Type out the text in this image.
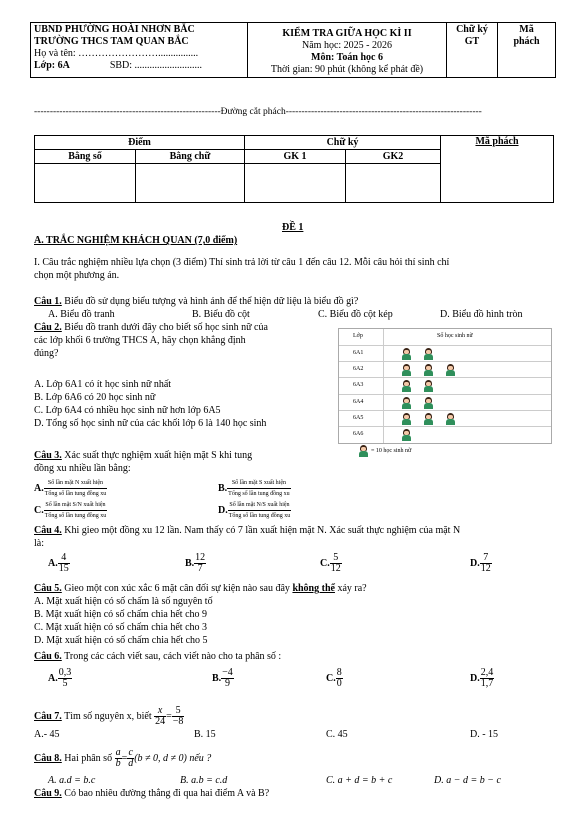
UBND PHƯỜNG HOÀI NHƠN BẮC
TRƯỜNG THCS TAM QUAN BẮC
Họ và tên: ……………………................
Lớp: 6A	SBD: ...........................

KIỂM TRA GIỮA HỌC KÌ II
Năm học: 2025 - 2026
Môn: Toán học 6
Thời gian: 90 phút (không kể phát đề)

Chữ ký
GT

Mã
phách
-----------------------------------------------------------Đường cắt phách--------------------------------------------------------------
Điểm		Chữ ký		Mã phách
Bằng số	Bằng chữ	GK 1	GK2	

ĐỀ 1
A. TRẮC NGHIỆM KHÁCH QUAN (7,0 điểm)
I. Câu trắc nghiệm nhiều lựa chọn (3 điểm) Thí sinh trả lời từ câu 1 đến câu 12. Mỗi câu hỏi thí sinh chỉ
chọn một phương án.
Câu 1. Biểu đồ sử dụng biểu tượng và hình ảnh để thể hiện dữ liệu là biểu đồ gì?
A. Biểu đồ tranh	B. Biểu đồ cột	C. Biểu đồ cột kép	D. Biểu đồ hình tròn
Câu 2. Biểu đồ tranh dưới đây cho biết số học sinh nữ của
các lớp khối 6 trường THCS A, hãy chọn khẳng định
đúng?
A. Lớp 6A1 có ít học sinh nữ nhất
B. Lớp 6A6 có 20 học sinh nữ
C. Lớp 6A4 có nhiều học sinh nữ hơn lớp 6A5
D. Tổng số học sinh nữ của các khối lớp 6 là 140 học sinh
Lớp	Số học sinh nữ
6A1
6A2
6A3
6A4
6A5
6A6
= 10 học sinh nữ
Câu 3. Xác suất thực nghiệm xuất hiện mặt S khi tung
đồng xu nhiều lần bằng:
A. $\frac{\text{Số lần mặt N xuất hiện}}{\text{Tổng số lần tung đồng xu}}$	B. $\frac{\text{Số lần mặt S xuất hiện}}{\text{Tổng số lần tung đồng xu}}$
C. $\frac{\text{Số lần mặt S/N xuất hiện}}{\text{Tổng số lần tung đồng xu}}$	D. $\frac{\text{Số lần mặt N/S xuất hiện}}{\text{Tổng số lần tung đồng xu}}$
Câu 4. Khi gieo một đồng xu 12 lần. Nam thấy có 7 lần xuất hiện mặt N. Xác suất thực nghiệm của mặt N
là:
A. $\frac{4}{15}$	B. $\frac{12}{7}$	C. $\frac{5}{12}$	D. $\frac{7}{12}$
Câu 5. Gieo một con xúc xắc 6 mặt cân đối sự kiện nào sau đây không thể xảy ra?
A. Mặt xuất hiện có số chấm là số nguyên tố
B. Mặt xuất hiện có số chấm chia hết cho 9
C. Mặt xuất hiện có số chấm chia hết cho 3
D. Mặt xuất hiện có số chấm chia hết cho 5
Câu 6. Trong các cách viết sau, cách viết nào cho ta phân số :
A. $\frac{0,3}{5}$	B. $\frac{-4}{9}$	C. $\frac{8}{0}$	D. $\frac{2,4}{1,7}$
Câu 7. Tìm số nguyên x, biết $\frac{x}{24} = \frac{5}{-8}$
A.- 45	B. 15	C. 45	D. - 15
Câu 8. Hai phân số $\frac{a}{b} = \frac{c}{d} (b \ne 0$, d ≠ 0) nếu ?
A. a.d = b.c	B. a.b = c.d	C. a + d = b + c	D. a − d = b − c
Câu 9. Có bao nhiêu đường thẳng đi qua hai điểm A và B?
